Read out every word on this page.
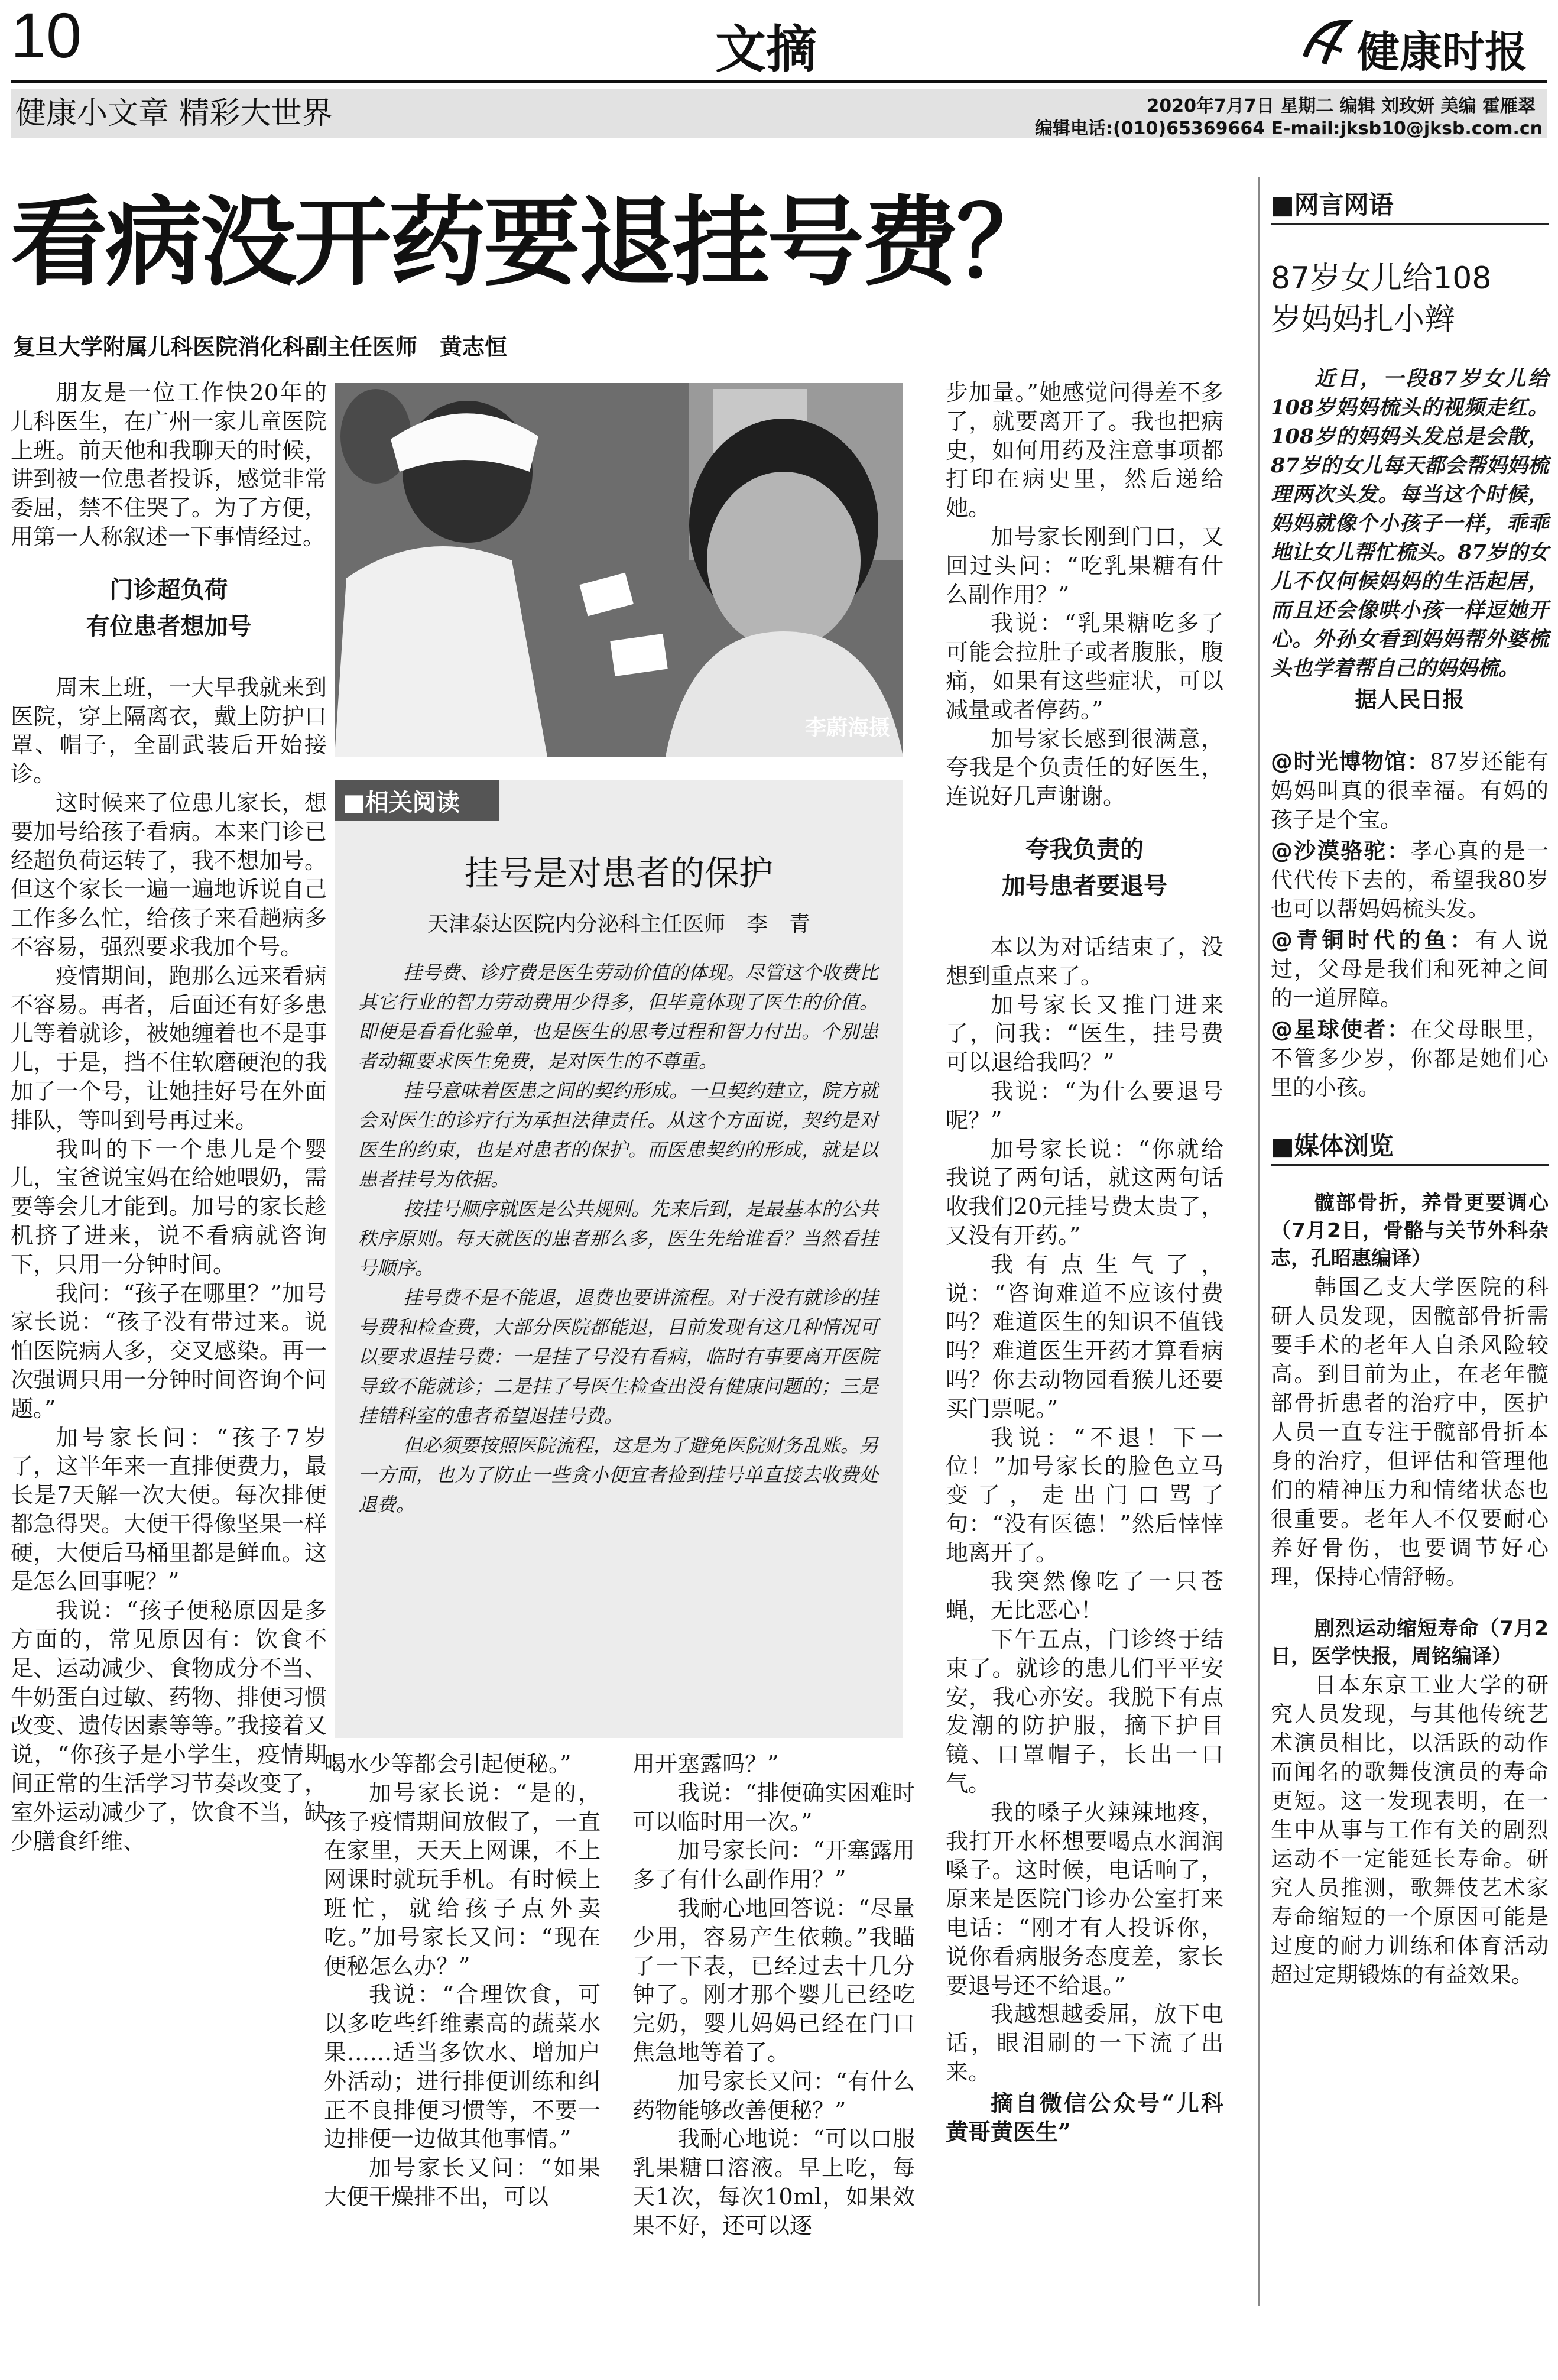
10	文摘	健康时报
健康小文章 精彩大世界	2020年7月7日 星期二 编辑 刘玫妍 美编 霍雁翠
编辑电话:(010)65369664 E-mail:jksb10@jksb.com.cn
看病没开药要退挂号费？
复旦大学附属儿科医院消化科副主任医师　黄志恒

朋友是一位工作快20年的儿科医生，在广州一家儿童医院上班。前天他和我聊天的时候，讲到被一位患者投诉，感觉非常委屈，禁不住哭了。为了方便，用第一人称叙述一下事情经过。

门诊超负荷
有位患者想加号

周末上班，一大早我就来到医院，穿上隔离衣，戴上防护口罩、帽子，全副武装后开始接诊。

这时候来了位患儿家长，想要加号给孩子看病。本来门诊已经超负荷运转了，我不想加号。但这个家长一遍一遍地诉说自己工作多么忙，给孩子来看趟病多不容易，强烈要求我加个号。

疫情期间，跑那么远来看病不容易。再者，后面还有好多患儿等着就诊，被她缠着也不是事儿，于是，挡不住软磨硬泡的我加了一个号，让她挂好号在外面排队，等叫到号再过来。

我叫的下一个患儿是个婴儿，宝爸说宝妈在给她喂奶，需要等会儿才能到。加号的家长趁机挤了进来，说不看病就咨询下，只用一分钟时间。

我问：“孩子在哪里？”加号家长说：“孩子没有带过来。说怕医院病人多，交叉感染。再一次强调只用一分钟时间咨询个问题。”

加号家长问：“孩子7岁了，这半年来一直排便费力，最长是7天解一次大便。每次排便都急得哭。大便干得像坚果一样硬，大便后马桶里都是鲜血。这是怎么回事呢？”

我说：“孩子便秘原因是多方面的，常见原因有：饮食不足、运动减少、食物成分不当、牛奶蛋白过敏、药物、排便习惯改变、遗传因素等等。”我接着又说，“你孩子是小学生，疫情期间正常的生活学习节奏改变了，室外运动减少了，饮食不当，缺少膳食纤维、

李蔚海摄
■相关阅读
挂号是对患者的保护
天津泰达医院内分泌科主任医师　李　青

挂号费、诊疗费是医生劳动价值的体现。尽管这个收费比其它行业的智力劳动费用少得多，但毕竟体现了医生的价值。即便是看看化验单，也是医生的思考过程和智力付出。个别患者动辄要求医生免费，是对医生的不尊重。

挂号意味着医患之间的契约形成。一旦契约建立，院方就会对医生的诊疗行为承担法律责任。从这个方面说，契约是对医生的约束，也是对患者的保护。而医患契约的形成，就是以患者挂号为依据。

按挂号顺序就医是公共规则。先来后到，是最基本的公共秩序原则。每天就医的患者那么多，医生先给谁看？当然看挂号顺序。

挂号费不是不能退，退费也要讲流程。对于没有就诊的挂号费和检查费，大部分医院都能退，目前发现有这几种情况可以要求退挂号费：一是挂了号没有看病，临时有事要离开医院导致不能就诊；二是挂了号医生检查出没有健康问题的；三是挂错科室的患者希望退挂号费。

但必须要按照医院流程，这是为了避免医院财务乱账。另一方面，也为了防止一些贪小便宜者捡到挂号单直接去收费处退费。

喝水少等都会引起便秘。”

加号家长说：“是的，孩子疫情期间放假了，一直在家里，天天上网课，不上网课时就玩手机。有时候上班忙，就给孩子点外卖吃。”加号家长又问：“现在便秘怎么办？”

我说：“合理饮食，可以多吃些纤维素高的蔬菜水果……适当多饮水、增加户外活动；进行排便训练和纠正不良排便习惯等，不要一边排便一边做其他事情。”

加号家长又问：“如果大便干燥排不出，可以

用开塞露吗？”

我说：“排便确实困难时可以临时用一次。”

加号家长问：“开塞露用多了有什么副作用？”

我耐心地回答说：“尽量少用，容易产生依赖。”我瞄了一下表，已经过去十几分钟了。刚才那个婴儿已经吃完奶，婴儿妈妈已经在门口焦急地等着了。

加号家长又问：“有什么药物能够改善便秘？”

我耐心地说：“可以口服乳果糖口溶液。早上吃，每天1次，每次10ml，如果效果不好，还可以逐

步加量。”她感觉问得差不多了，就要离开了。我也把病史，如何用药及注意事项都打印在病史里，然后递给她。

加号家长刚到门口，又回过头问：“吃乳果糖有什么副作用？”

我说：“乳果糖吃多了可能会拉肚子或者腹胀，腹痛，如果有这些症状，可以减量或者停药。”

加号家长感到很满意，夸我是个负责任的好医生，连说好几声谢谢。

夸我负责的
加号患者要退号

本以为对话结束了，没想到重点来了。

加号家长又推门进来了，问我：“医生，挂号费可以退给我吗？”

我说：“为什么要退号呢？”

加号家长说：“你就给我说了两句话，就这两句话收我们20元挂号费太贵了，又没有开药。”

我有点生气了，说：“咨询难道不应该付费吗？难道医生的知识不值钱吗？难道医生开药才算看病吗？你去动物园看猴儿还要买门票呢。”

我说：“不退！下一位！”加号家长的脸色立马变了，走出门口骂了句：“没有医德！”然后悻悻地离开了。

我突然像吃了一只苍蝇，无比恶心！

下午五点，门诊终于结束了。就诊的患儿们平平安安，我心亦安。我脱下有点发潮的防护服，摘下护目镜、口罩帽子，长出一口气。

我的嗓子火辣辣地疼，我打开水杯想要喝点水润润嗓子。这时候，电话响了，原来是医院门诊办公室打来电话：“刚才有人投诉你，说你看病服务态度差，家长要退号还不给退。”

我越想越委屈，放下电话，眼泪刷的一下流了出来。

摘自微信公众号“儿科黄哥黄医生”

■网言网语
87岁女儿给108
岁妈妈扎小辫

近日，一段87岁女儿给108岁妈妈梳头的视频走红。108岁的妈妈头发总是会散，87岁的女儿每天都会帮妈妈梳理两次头发。每当这个时候，妈妈就像个小孩子一样，乖乖地让女儿帮忙梳头。87岁的女儿不仅何候妈妈的生活起居，而且还会像哄小孩一样逗她开心。外孙女看到妈妈帮外婆梳头也学着帮自己的妈妈梳。

据人民日报

@时光博物馆：87岁还能有妈妈叫真的很幸福。有妈的孩子是个宝。

@沙漠骆驼：孝心真的是一代代传下去的，希望我80岁也可以帮妈妈梳头发。

@青铜时代的鱼：有人说过，父母是我们和死神之间的一道屏障。

@星球使者：在父母眼里，不管多少岁，你都是她们心里的小孩。

■媒体浏览

髋部骨折，养骨更要调心（7月2日，骨骼与关节外科杂志，孔昭惠编译）

韩国乙支大学医院的科研人员发现，因髋部骨折需要手术的老年人自杀风险较高。到目前为止，在老年髋部骨折患者的治疗中，医护人员一直专注于髋部骨折本身的治疗，但评估和管理他们的精神压力和情绪状态也很重要。老年人不仅要耐心养好骨伤，也要调节好心理，保持心情舒畅。

剧烈运动缩短寿命（7月2日，医学快报，周铭编译）

日本东京工业大学的研究人员发现，与其他传统艺术演员相比，以活跃的动作而闻名的歌舞伎演员的寿命更短。这一发现表明，在一生中从事与工作有关的剧烈运动不一定能延长寿命。研究人员推测，歌舞伎艺术家寿命缩短的一个原因可能是过度的耐力训练和体育活动超过定期锻炼的有益效果。
